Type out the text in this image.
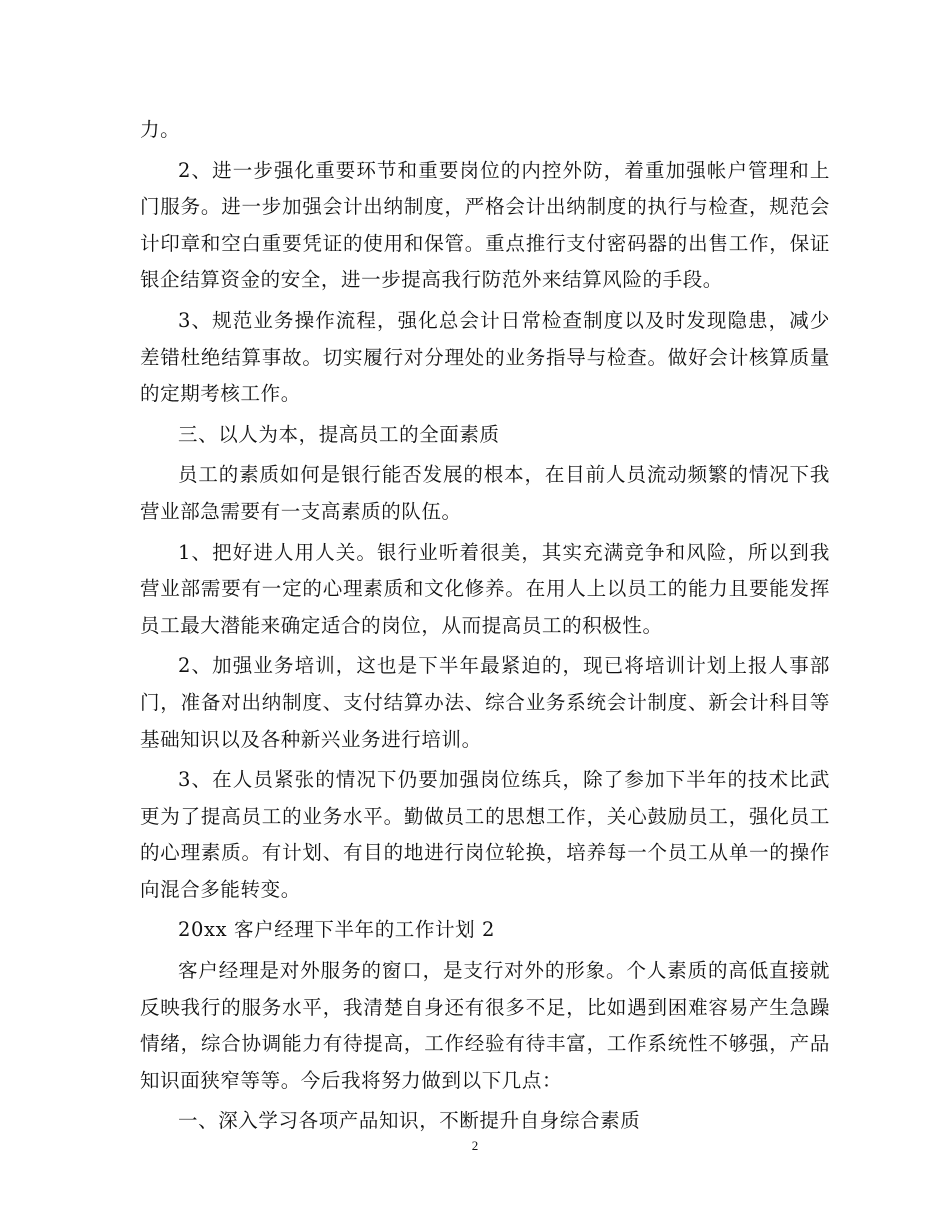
力。

2、进一步强化重要环节和重要岗位的内控外防，着重加强帐户管理和上门服务。进一步加强会计出纳制度，严格会计出纳制度的执行与检查，规范会计印章和空白重要凭证的使用和保管。重点推行支付密码器的出售工作，保证银企结算资金的安全，进一步提高我行防范外来结算风险的手段。

3、规范业务操作流程，强化总会计日常检查制度以及时发现隐患，减少差错杜绝结算事故。切实履行对分理处的业务指导与检查。做好会计核算质量的定期考核工作。

三、以人为本，提高员工的全面素质

员工的素质如何是银行能否发展的根本，在目前人员流动频繁的情况下我营业部急需要有一支高素质的队伍。

1、把好进人用人关。银行业听着很美，其实充满竞争和风险，所以到我营业部需要有一定的心理素质和文化修养。在用人上以员工的能力且要能发挥员工最大潜能来确定适合的岗位，从而提高员工的积极性。

2、加强业务培训，这也是下半年最紧迫的，现已将培训计划上报人事部门，准备对出纳制度、支付结算办法、综合业务系统会计制度、新会计科目等基础知识以及各种新兴业务进行培训。

3、在人员紧张的情况下仍要加强岗位练兵，除了参加下半年的技术比武更为了提高员工的业务水平。勤做员工的思想工作，关心鼓励员工，强化员工的心理素质。有计划、有目的地进行岗位轮换，培养每一个员工从单一的操作向混合多能转变。

20xx 客户经理下半年的工作计划 2

客户经理是对外服务的窗口，是支行对外的形象。个人素质的高低直接就反映我行的服务水平，我清楚自身还有很多不足，比如遇到困难容易产生急躁情绪，综合协调能力有待提高，工作经验有待丰富，工作系统性不够强，产品知识面狭窄等等。今后我将努力做到以下几点：

一、深入学习各项产品知识，不断提升自身综合素质

2
